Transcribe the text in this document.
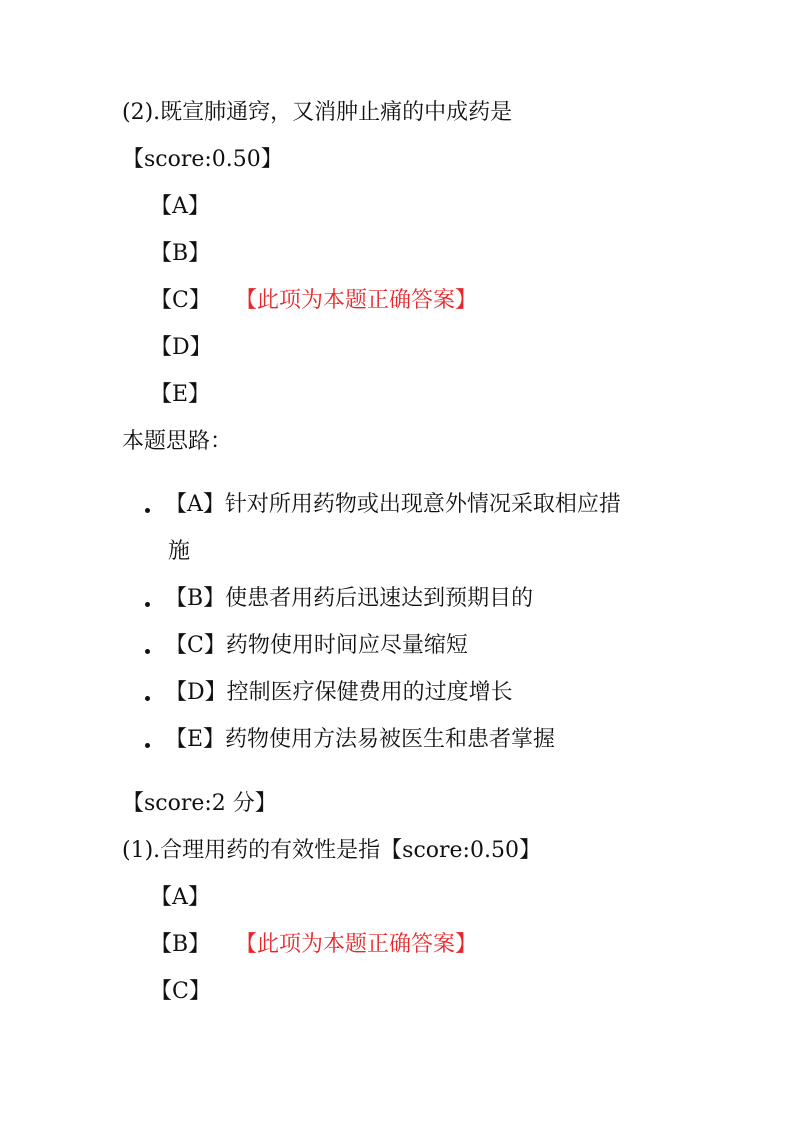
(2).既宣肺通窍，又消肿止痛的中成药是
【score:0.50】
【A】
【B】
【C】 【此项为本题正确答案】
【D】
【E】
本题思路：
【A】针对所用药物或出现意外情况采取相应措
施
【B】使患者用药后迅速达到预期目的
【C】药物使用时间应尽量缩短
【D】控制医疗保健费用的过度增长
【E】药物使用方法易被医生和患者掌握
【score:2 分】
(1).合理用药的有效性是指【score:0.50】
【A】
【B】 【此项为本题正确答案】
【C】
